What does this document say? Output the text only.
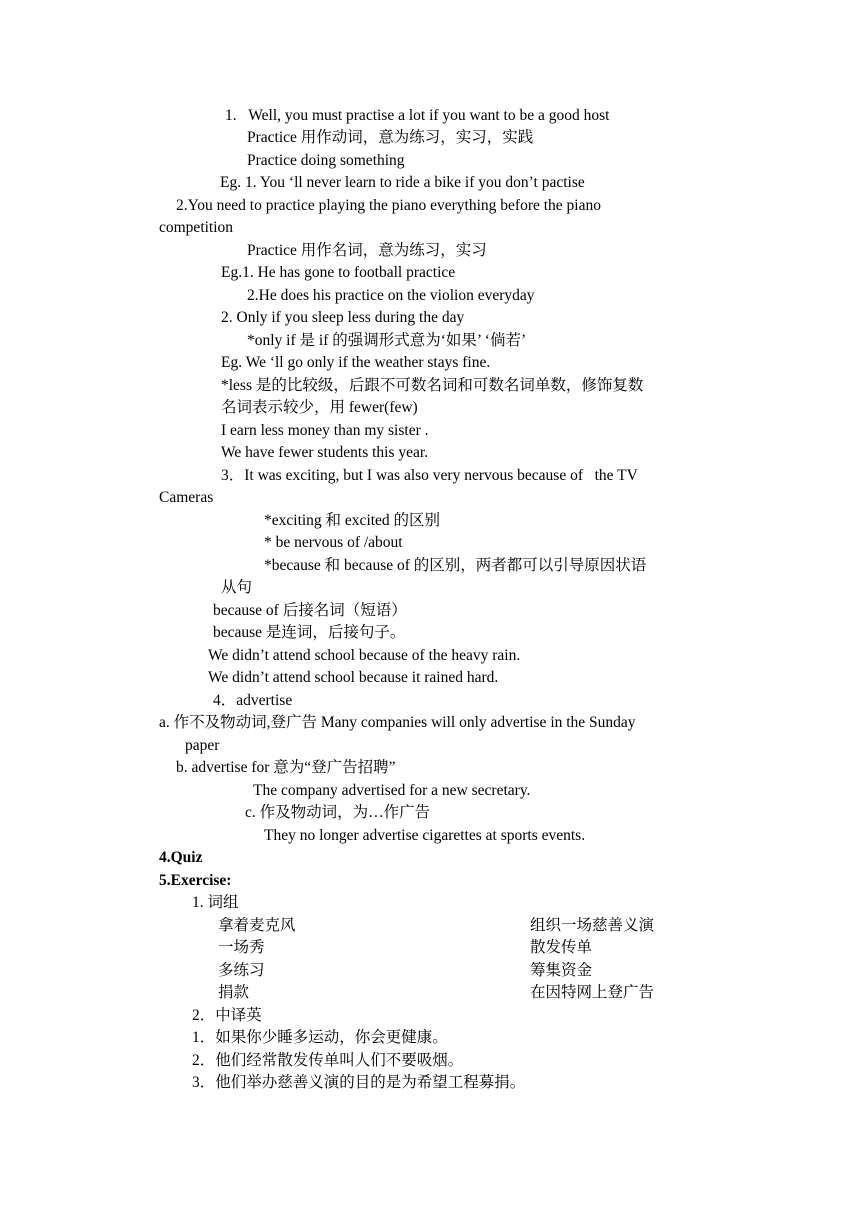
1.   Well, you must practise a lot if you want to be a good host
Practice 用作动词，意为练习，实习，实践
Practice doing something
Eg. 1. You ‘ll never learn to ride a bike if you don’t pactise
2.You need to practice playing the piano everything before the piano
competition
Practice 用作名词，意为练习，实习
Eg.1. He has gone to football practice
2.He does his practice on the violion everyday
2. Only if you sleep less during the day
*only if 是 if 的强调形式意为‘如果’ ‘倘若’
Eg. We ‘ll go only if the weather stays fine.
*less 是的比较级，后跟不可数名词和可数名词单数，修饰复数
名词表示较少，用 fewer(few)
I earn less money than my sister .
We have fewer students this year.
3．It was exciting, but I was also very nervous because of   the TV
Cameras
*exciting 和 excited 的区别
* be nervous of /about
*because 和 because of 的区别，两者都可以引导原因状语
从句
because of 后接名词（短语）
because 是连词，后接句子。
We didn’t attend school because of the heavy rain.
We didn’t attend school because it rained hard.
4．advertise
a. 作不及物动词,登广告 Many companies will only advertise in the Sunday
paper
b. advertise for 意为“登广告招聘”
The company advertised for a new secretary.
c. 作及物动词，为…作广告
They no longer advertise cigarettes at sports events.
4.Quiz
5.Exercise:
1. 词组
拿着麦克风	组织一场慈善义演
一场秀	散发传单
多练习	筹集资金
捐款	在因特网上登广告
2．中译英
1．如果你少睡多运动，你会更健康。
2．他们经常散发传单叫人们不要吸烟。
3．他们举办慈善义演的目的是为希望工程募捐。
